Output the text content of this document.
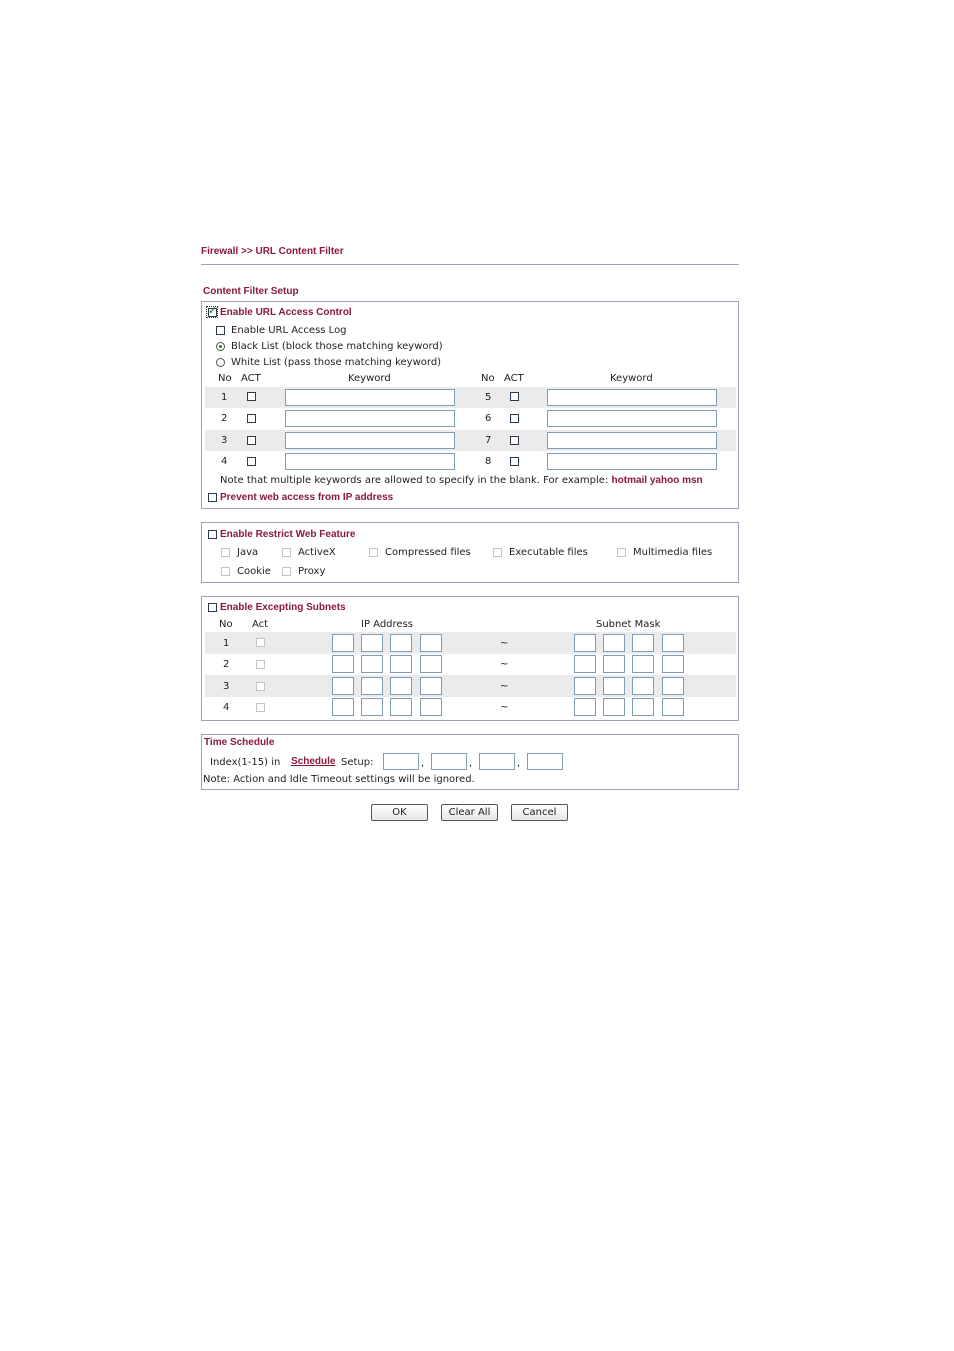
Firewall >> URL Content Filter
Content Filter Setup
✓
Enable URL Access Control
Enable URL Access Log
Black List (block those matching keyword)
White List (pass those matching keyword)
No ACT	Keyword	No ACT	Keyword
1	5
2	6
3	7
4	8
Note that multiple keywords are allowed to specify in the blank. For example: hotmail yahoo msn
Prevent web access from IP address
Enable Restrict Web Feature
Java	ActiveX	Compressed files	Executable files	Multimedia files
Cookie	Proxy
Enable Excepting Subnets
No Act	IP Address	Subnet Mask
1	~
2	~
3	~
4	~
Time Schedule
Index(1-15) in Schedule Setup:	,	,	,
Note: Action and Idle Timeout settings will be ignored.
OK	Clear All	Cancel
